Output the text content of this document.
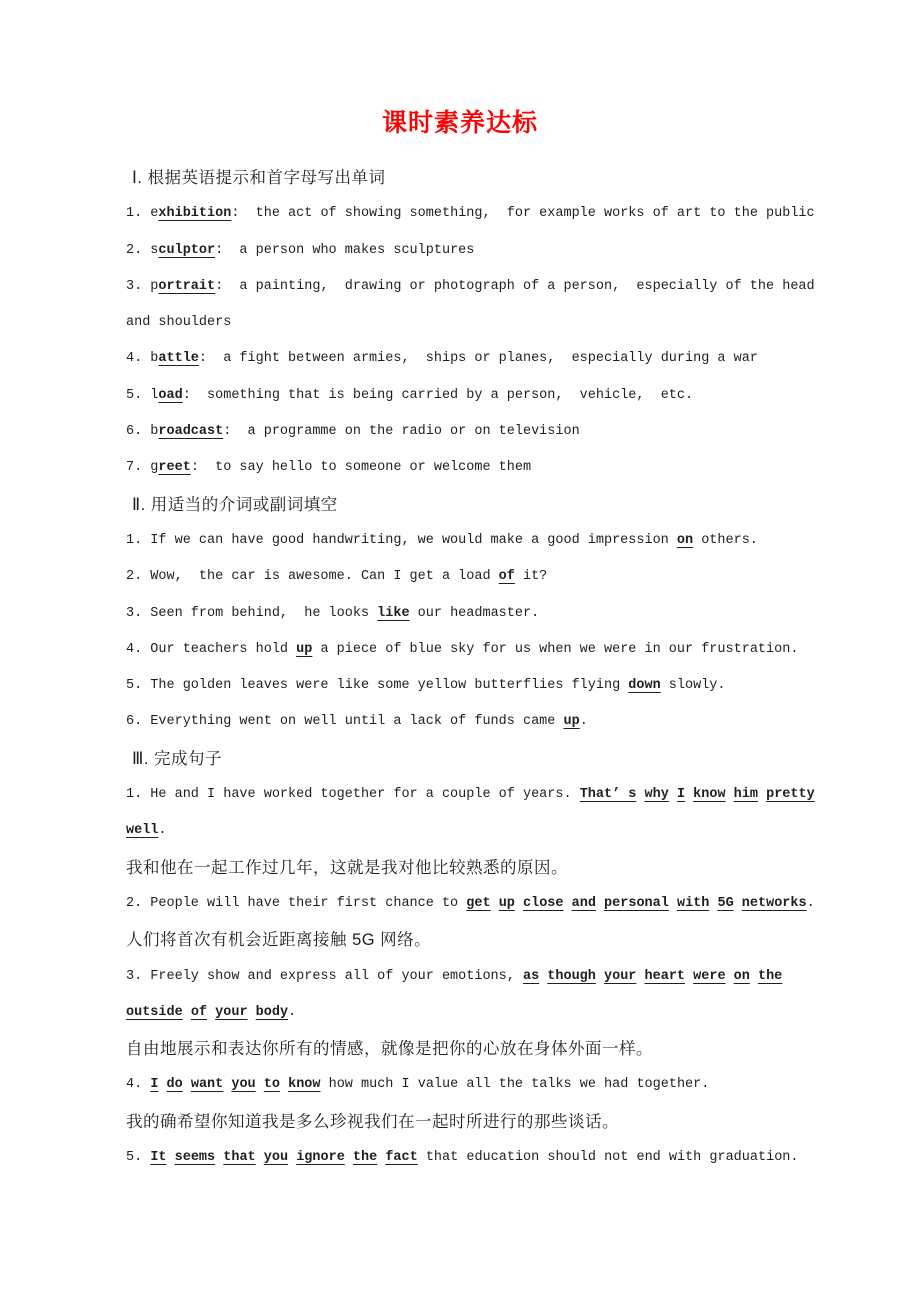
课时素养达标
Ⅰ. 根据英语提示和首字母写出单词
1. exhibition:  the act of showing something,  for example works of art to the public
2. sculptor:  a person who makes sculptures
3. portrait:  a painting,  drawing or photograph of a person,  especially of the head
and shoulders
4. battle:  a fight between armies,  ships or planes,  especially during a war
5. load:  something that is being carried by a person,  vehicle,  etc.
6. broadcast:  a programme on the radio or on television
7. greet:  to say hello to someone or welcome them
Ⅱ. 用适当的介词或副词填空
1. If we can have good handwriting, we would make a good impression on others.
2. Wow,  the car is awesome. Can I get a load of it?
3. Seen from behind,  he looks like our headmaster.
4. Our teachers hold up a piece of blue sky for us when we were in our frustration.
5. The golden leaves were like some yellow butterflies flying down slowly.
6. Everything went on well until a lack of funds came up.
Ⅲ. 完成句子
1. He and I have worked together for a couple of years. That’ s why I know him pretty
well.
我和他在一起工作过几年，这就是我对他比较熟悉的原因。
2. People will have their first chance to get up close and personal with 5G networks.
人们将首次有机会近距离接触 5G 网络。
3. Freely show and express all of your emotions, as though your heart were on the
outside of your body.
自由地展示和表达你所有的情感，就像是把你的心放在身体外面一样。
4. I do want you to know how much I value all the talks we had together.
我的确希望你知道我是多么珍视我们在一起时所进行的那些谈话。
5. It seems that you ignore the fact that education should not end with graduation.
